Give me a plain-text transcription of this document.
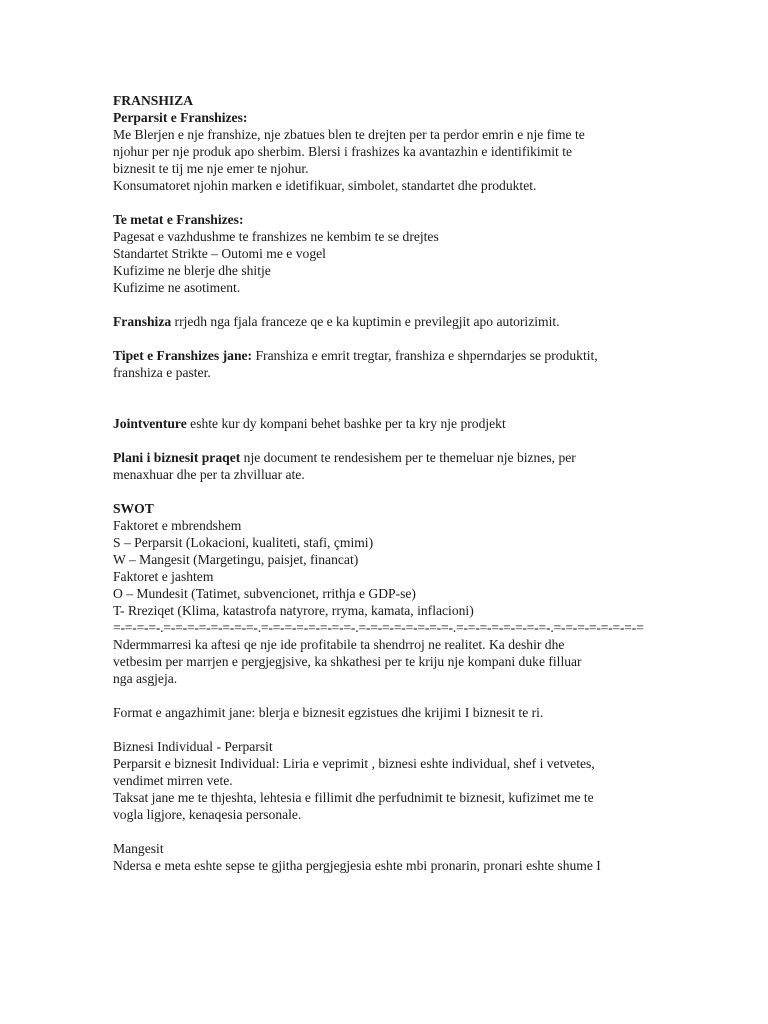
FRANSHIZA
Perparsit e Franshizes:
Me Blerjen e nje franshize, nje zbatues blen te drejten per ta perdor emrin e nje fime te
njohur per nje produk apo sherbim. Blersi i frashizes ka avantazhin e identifikimit te
biznesit te tij me nje emer te njohur.
Konsumatoret njohin marken e idetifikuar, simbolet, standartet dhe produktet.
Te metat e Franshizes:
Pagesat e vazhdushme te franshizes ne kembim te se drejtes
Standartet Strikte – Outomi me e vogel
Kufizime ne blerje dhe shitje
Kufizime ne asotiment.
Franshiza rrjedh nga fjala franceze qe e ka kuptimin e previlegjit apo autorizimit.
Tipet e Franshizes jane: Franshiza e emrit tregtar, franshiza e shperndarjes se produktit,
franshiza e paster.
Jointventure eshte kur dy kompani behet bashke per ta kry nje prodjekt
Plani i biznesit praqet nje document te rendesishem per te themeluar nje biznes, per
menaxhuar dhe per ta zhvilluar ate.
SWOT
Faktoret e mbrendshem
S – Perparsit (Lokacioni, kualiteti, stafi, çmimi)
W – Mangesit (Margetingu, paisjet, financat)
Faktoret e jashtem
O – Mundesit (Tatimet, subvencionet, rrithja e GDP-se)
T- Rreziqet (Klima, katastrofa natyrore, rryma, kamata, inflacioni)
=-=-=-=-.=-=-=-=-=-=-=-=-.=-=-=-=-=-=-=-=-.=-=-=-=-=-=-=-=-.=-=-=-=-=-=-=-=-.=-=-=-=-=-=-=-=
Ndermmarresi ka aftesi qe nje ide profitabile ta shendrroj ne realitet. Ka deshir dhe
vetbesim per marrjen e pergjegjsive, ka shkathesi per te kriju nje kompani duke filluar
nga asgjeja.
Format e angazhimit jane: blerja e biznesit egzistues dhe krijimi I biznesit te ri.
Biznesi Individual - Perparsit
Perparsit e biznesit Individual: Liria e veprimit , biznesi eshte individual, shef i vetvetes,
vendimet mirren vete.
Taksat jane me te thjeshta, lehtesia e fillimit dhe perfudnimit te biznesit, kufizimet me te
vogla ligjore, kenaqesia personale.
Mangesit
Ndersa e meta eshte sepse te gjitha pergjegjesia eshte mbi pronarin, pronari eshte shume I
